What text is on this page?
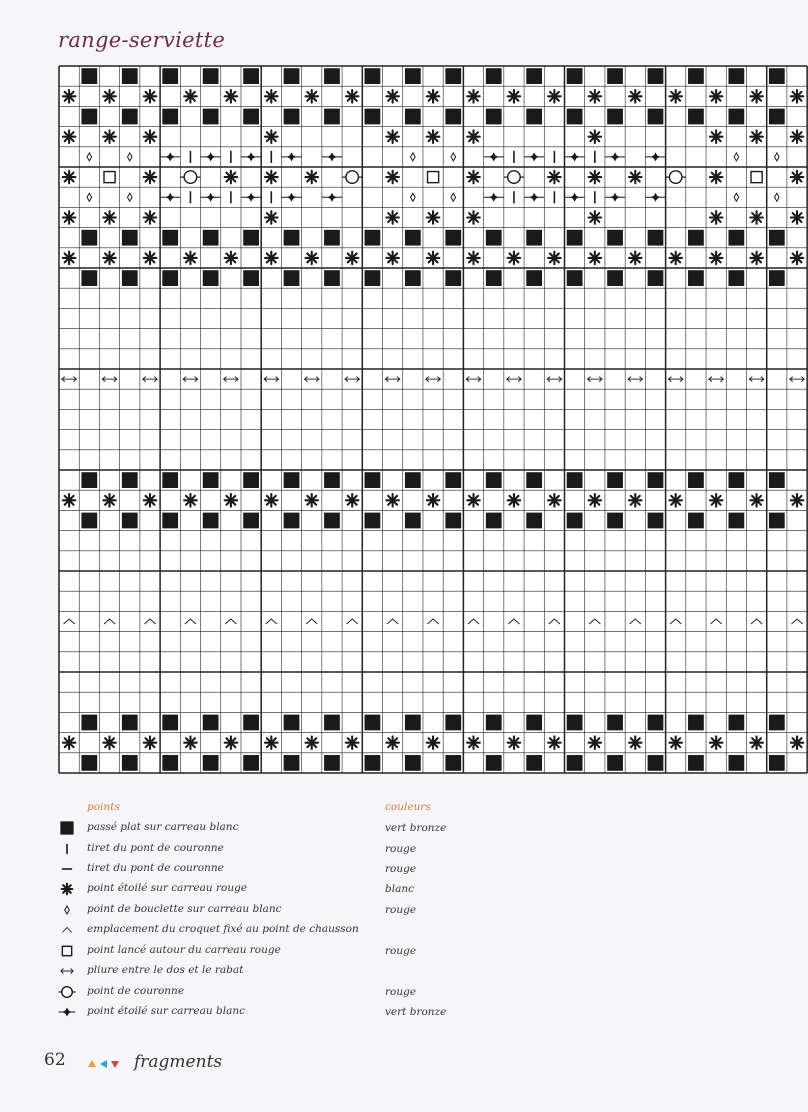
range-serviette
points	couleurs
passé plat sur carreau blanc	vert bronze
tiret du pont de couronne	rouge
tiret du pont de couronne	rouge
point étoilé sur carreau rouge	blanc
point de bouclette sur carreau blanc	rouge
emplacement du croquet fixé au point de chausson
point lancé autour du carreau rouge	rouge
pliure entre le dos et le rabat
point de couronne	rouge
point étoilé sur carreau blanc	vert bronze
62	fragments
